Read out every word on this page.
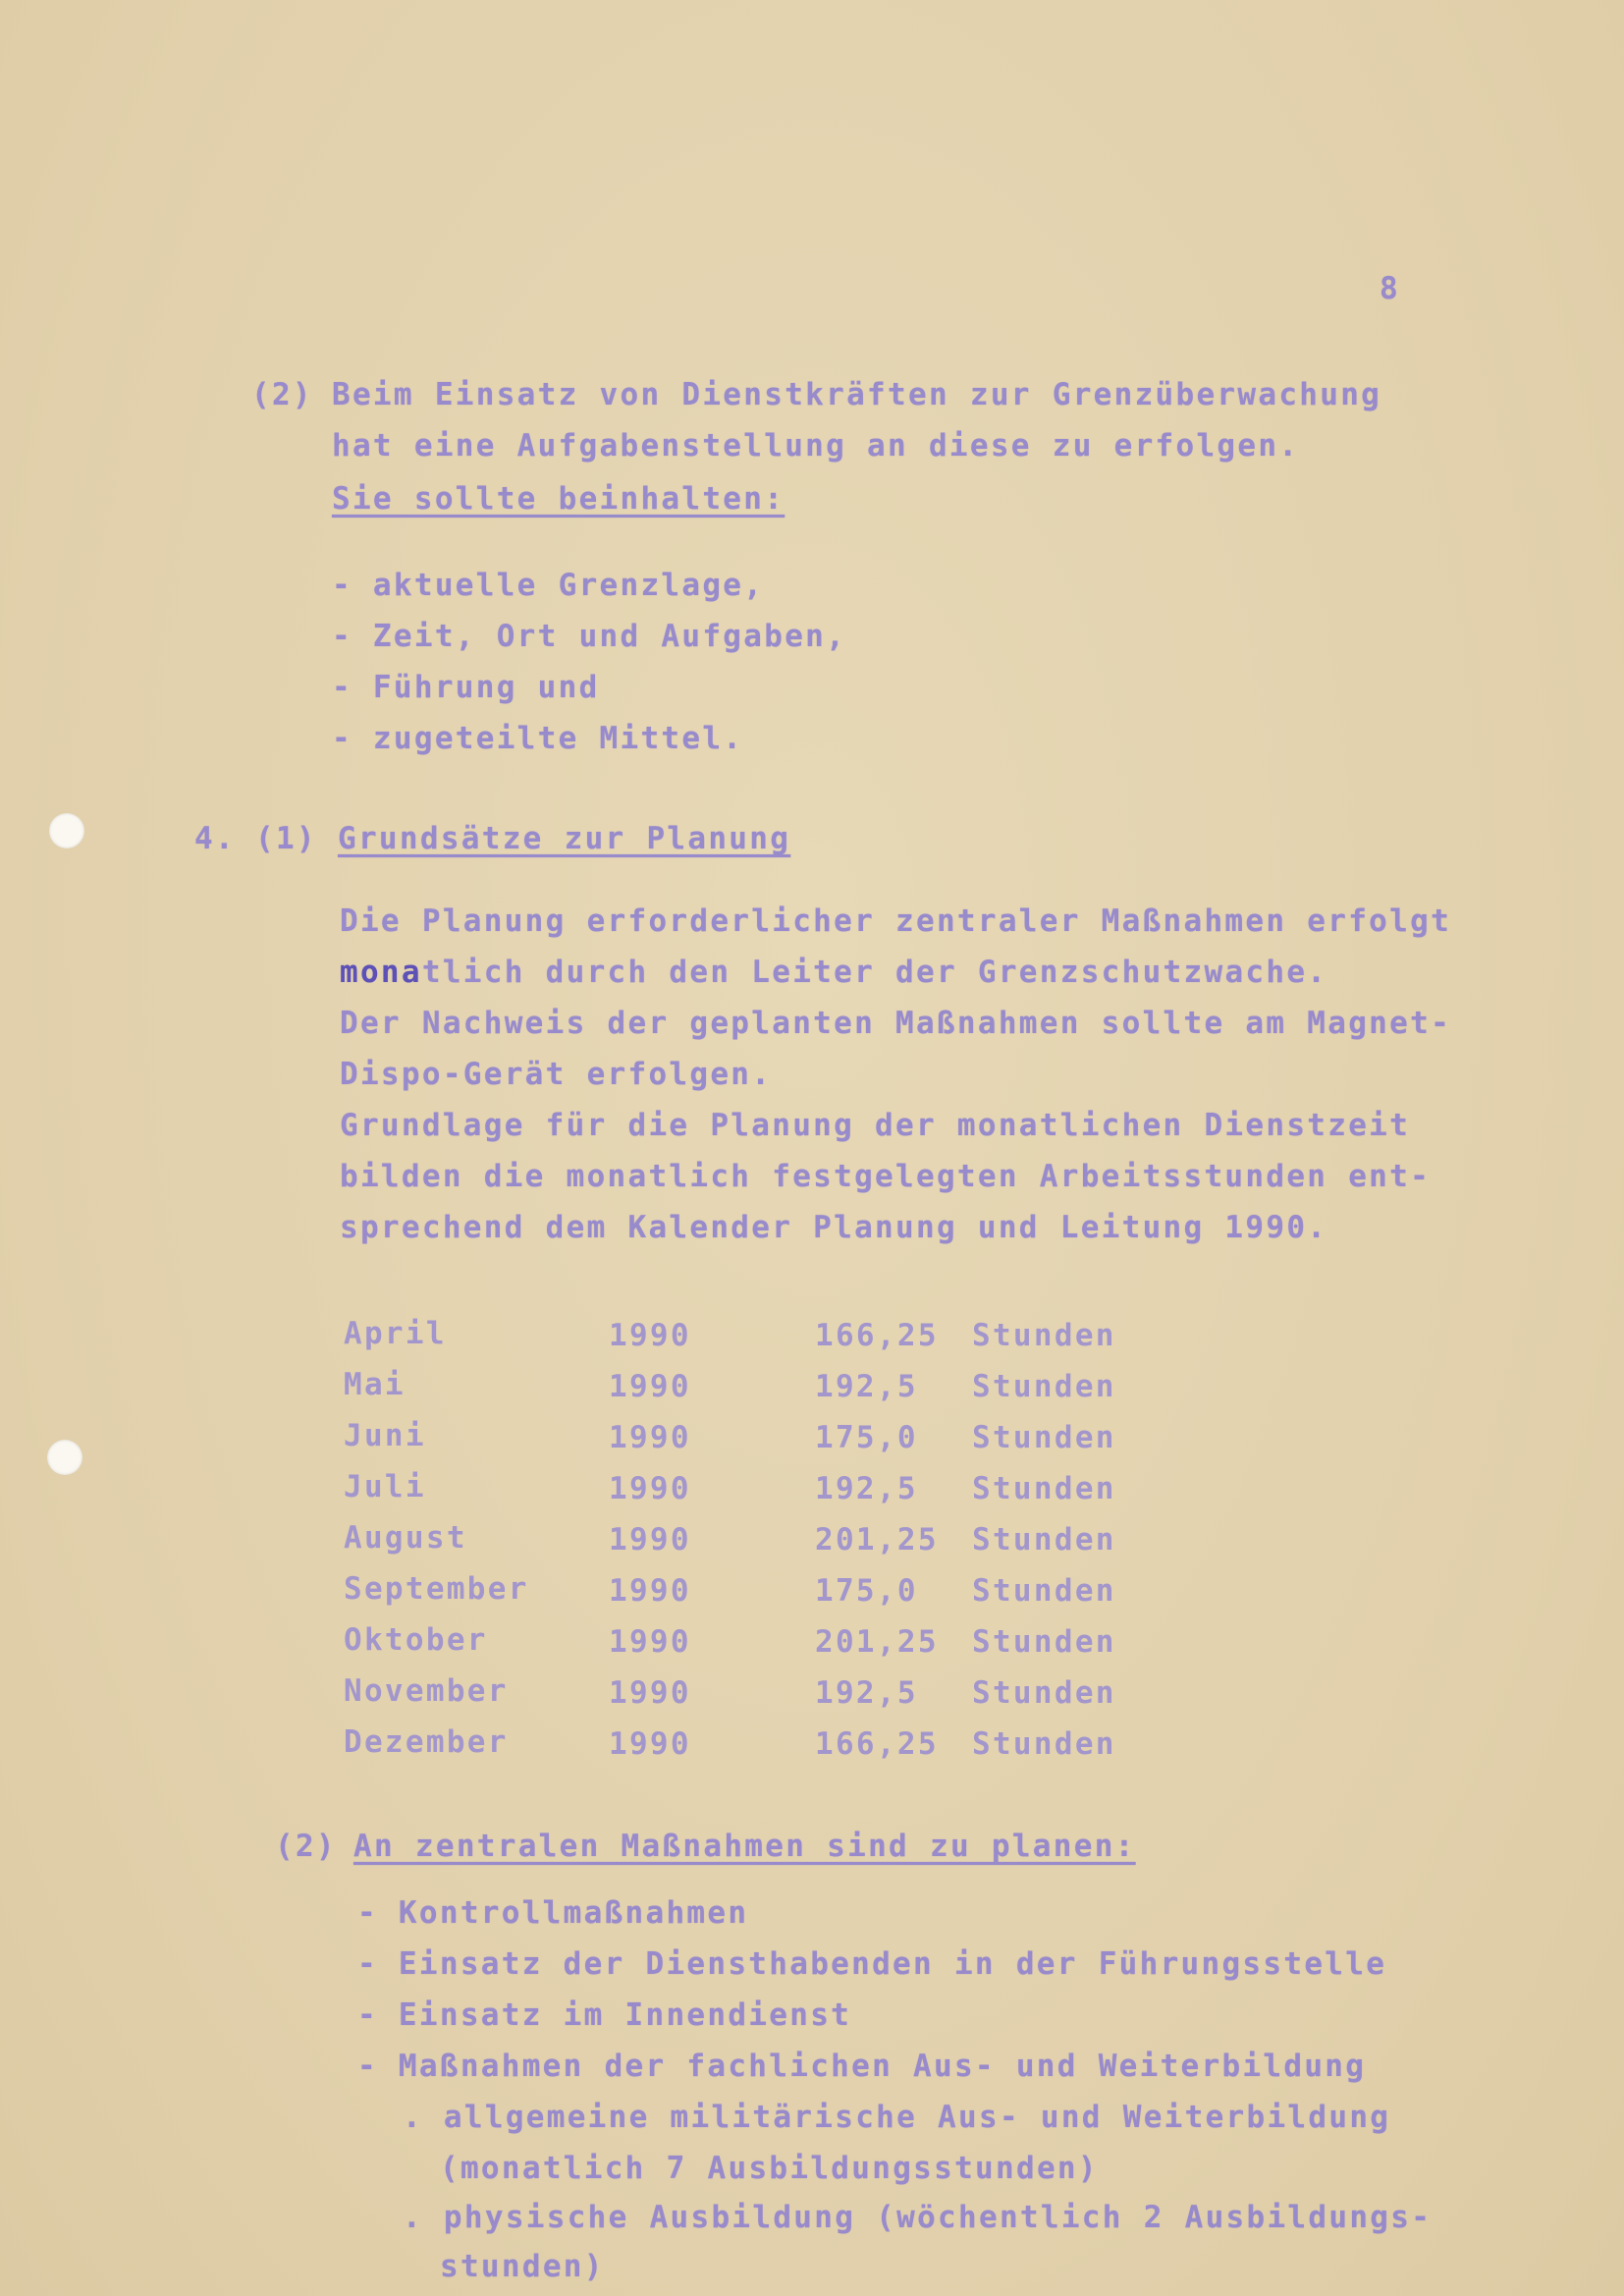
8
(2) Beim Einsatz von Dienstkräften zur Grenzüberwachung
hat eine Aufgabenstellung an diese zu erfolgen.
Sie sollte beinhalten:
- aktuelle Grenzlage,
- Zeit, Ort und Aufgaben,
- Führung und
- zugeteilte Mittel.
4. (1) Grundsätze zur Planung
Die Planung erforderlicher zentraler Maßnahmen erfolgt
monatlich durch den Leiter der Grenzschutzwache.
Der Nachweis der geplanten Maßnahmen sollte am Magnet-
Dispo-Gerät erfolgen.
Grundlage für die Planung der monatlichen Dienstzeit
bilden die monatlich festgelegten Arbeitsstunden ent-
sprechend dem Kalender Planung und Leitung 1990.
April	1990	166,25 Stunden
Mai	1990	192,5 Stunden
Juni	1990	175,0 Stunden
Juli	1990	192,5 Stunden
August	1990	201,25 Stunden
September	1990	175,0 Stunden
Oktober	1990	201,25 Stunden
November	1990	192,5 Stunden
Dezember	1990	166,25 Stunden
(2) An zentralen Maßnahmen sind zu planen:
- Kontrollmaßnahmen
- Einsatz der Diensthabenden in der Führungsstelle
- Einsatz im Innendienst
- Maßnahmen der fachlichen Aus- und Weiterbildung
. allgemeine militärische Aus- und Weiterbildung
(monatlich 7 Ausbildungsstunden)
. physische Ausbildung (wöchentlich 2 Ausbildungs-
stunden)
